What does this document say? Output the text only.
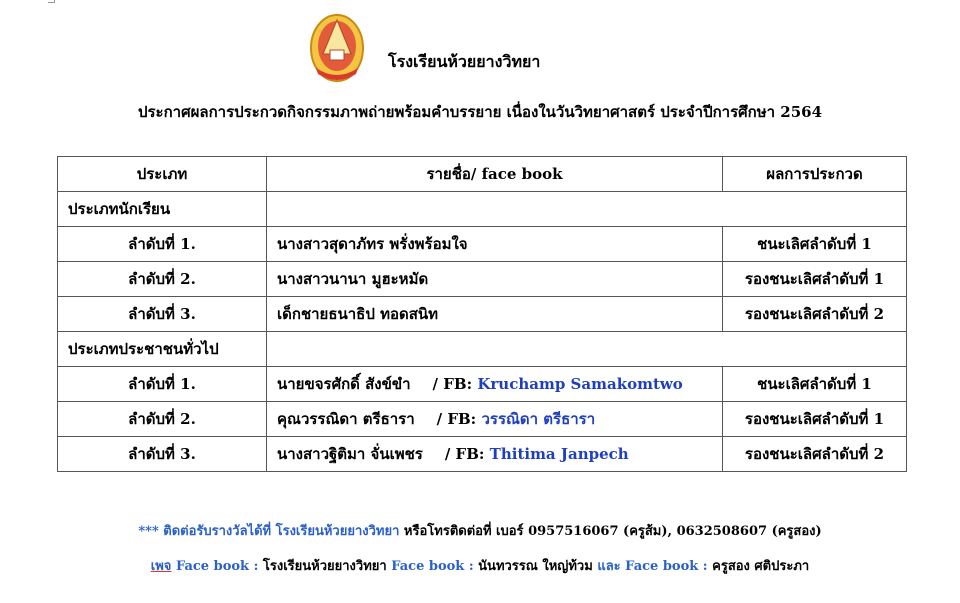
โรงเรียนห้วยยางวิทยา
ประกาศผลการประกวดกิจกรรมภาพถ่ายพร้อมคำบรรยาย เนื่องในวันวิทยาศาสตร์ ประจำปีการศึกษา 2564
ประเภท	รายชื่อ/ face book	ผลการประกวด
ประเภทนักเรียน		
ลำดับที่ 1.	นางสาวสุดาภัทร พรั่งพร้อมใจ	ชนะเลิศลำดับที่ 1
ลำดับที่ 2.	นางสาวนานา มูฮะหมัด	รองชนะเลิศลำดับที่ 1
ลำดับที่ 3.	เด็กชายธนาธิป ทอดสนิท	รองชนะเลิศลำดับที่ 2
ประเภทประชาชนทั่วไป		
ลำดับที่ 1.	นายขจรศักดิ์ สังข์ขำ / FB: Kruchamp Samakomtwo	ชนะเลิศลำดับที่ 1
ลำดับที่ 2.	คุณวรรณิดา ตรีธารา / FB: วรรณิดา ตรีธารา	รองชนะเลิศลำดับที่ 1
ลำดับที่ 3.	นางสาวฐิติมา จั่นเพชร / FB: Thitima Janpech	รองชนะเลิศลำดับที่ 2
*** ติดต่อรับรางวัลได้ที่ โรงเรียนห้วยยางวิทยา หรือโทรติดต่อที่ เบอร์ 0957516067 (ครูส้ม), 0632508607 (ครูสอง)
เพจ Face book : โรงเรียนห้วยยางวิทยา Face book : นันทวรรณ ใหญ่ท้วม และ Face book : ครูสอง ศติประภา
